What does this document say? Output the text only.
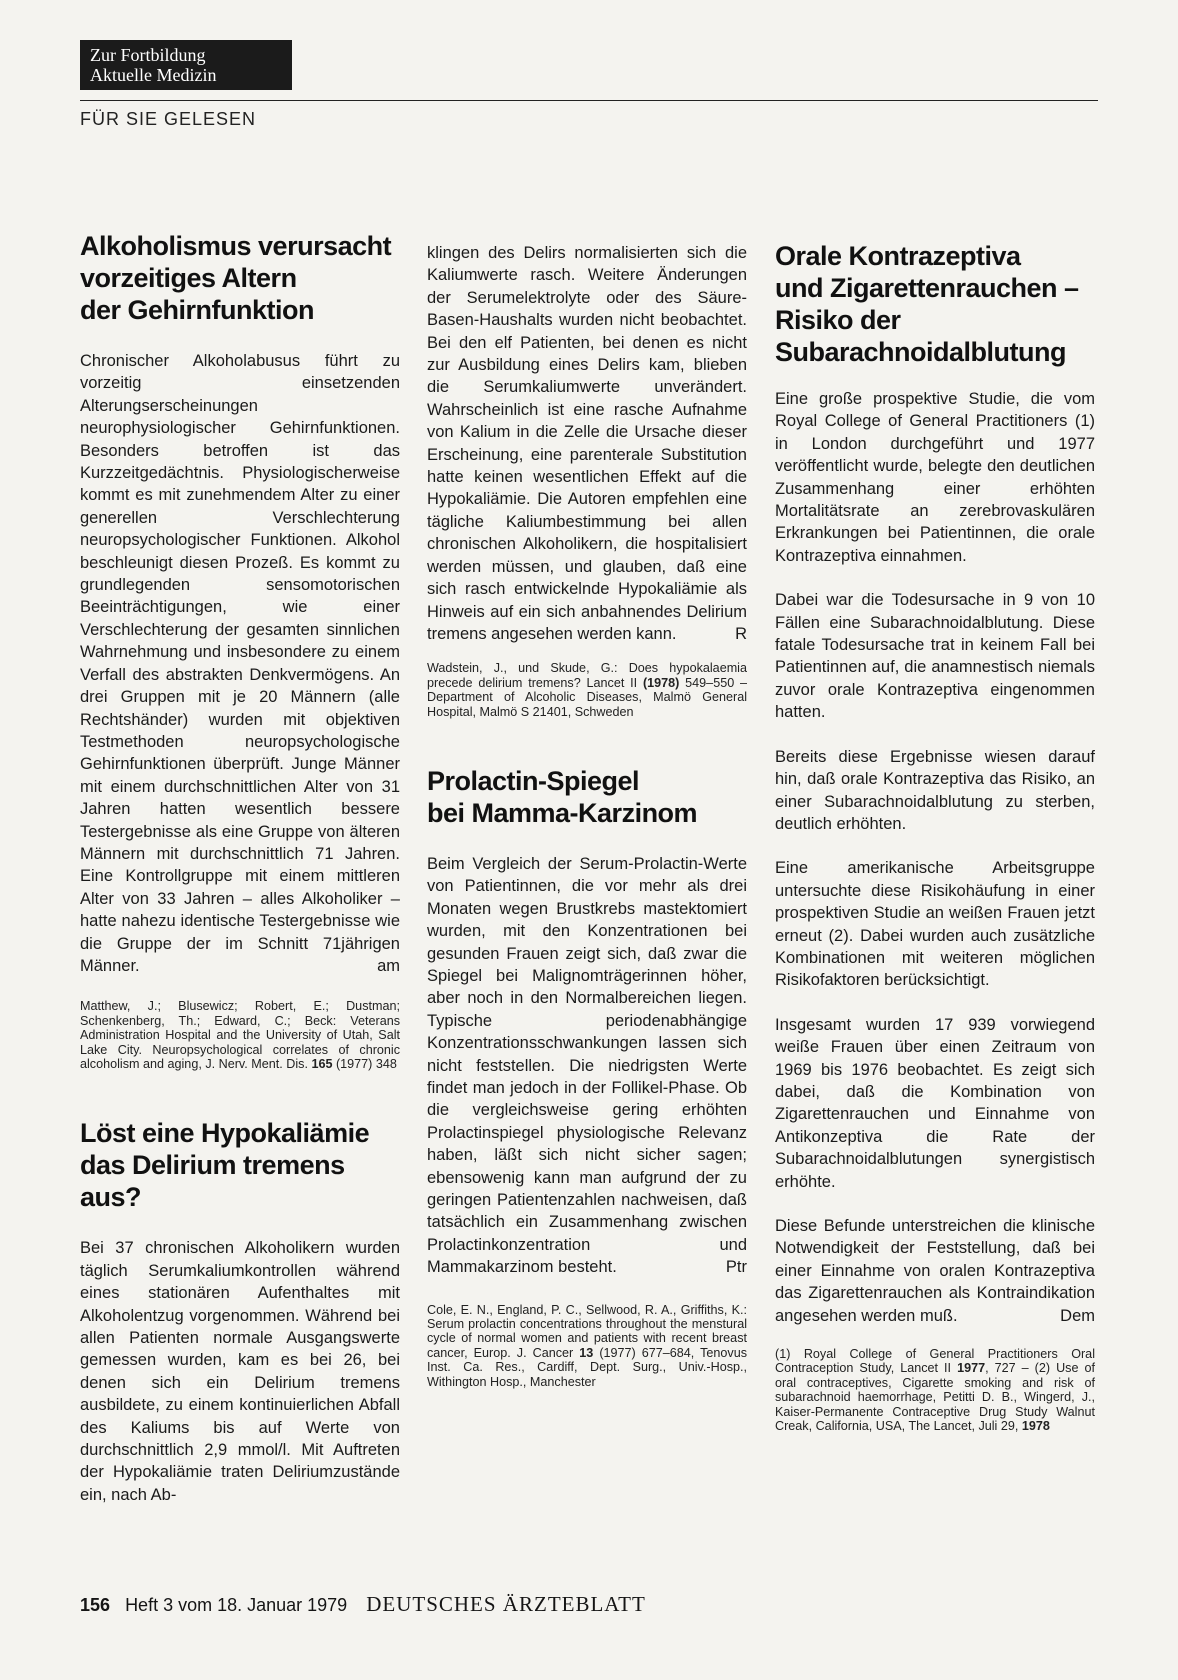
Zur Fortbildung
Aktuelle Medizin
FÜR SIE GELESEN
Alkoholismus verursacht
vorzeitiges Altern
der Gehirnfunktion

Chronischer Alkoholabusus führt zu vorzeitig einsetzenden Alterungserscheinungen neurophysiologischer Gehirnfunktionen. Besonders betroffen ist das Kurzzeitgedächtnis. Physiologischerweise kommt es mit zunehmendem Alter zu einer generellen Verschlechterung neuropsychologischer Funktionen. Alkohol beschleunigt diesen Prozeß. Es kommt zu grundlegenden sensomotorischen Beeinträchtigungen, wie einer Verschlechterung der gesamten sinnlichen Wahrnehmung und insbesondere zu einem Verfall des abstrakten Denkvermögens. An drei Gruppen mit je 20 Männern (alle Rechtshänder) wurden mit objektiven Testmethoden neuropsychologische Gehirnfunktionen überprüft. Junge Männer mit einem durchschnittlichen Alter von 31 Jahren hatten wesentlich bessere Testergebnisse als eine Gruppe von älteren Männern mit durchschnittlich 71 Jahren. Eine Kontrollgruppe mit einem mittleren Alter von 33 Jahren – alles Alkoholiker – hatte nahezu identische Testergebnisse wie die Gruppe der im Schnitt 71jährigen Männer.	am

Matthew, J.; Blusewicz; Robert, E.; Dustman; Schenkenberg, Th.; Edward, C.; Beck: Veterans Administration Hospital and the University of Utah, Salt Lake City. Neuropsychological correlates of chronic alcoholism and aging, J. Nerv. Ment. Dis. 165 (1977) 348

Löst eine Hypokaliämie
das Delirium tremens aus?

Bei 37 chronischen Alkoholikern wurden täglich Serumkaliumkontrollen während eines stationären Aufenthaltes mit Alkoholentzug vorgenommen. Während bei allen Patienten normale Ausgangswerte gemessen wurden, kam es bei 26, bei denen sich ein Delirium tremens ausbildete, zu einem kontinuierlichen Abfall des Kaliums bis auf Werte von durchschnittlich 2,9 mmol/l. Mit Auftreten der Hypokaliämie traten Deliriumzustände ein, nach Ab-

klingen des Delirs normalisierten sich die Kaliumwerte rasch. Weitere Änderungen der Serumelektrolyte oder des Säure-Basen-Haushalts wurden nicht beobachtet. Bei den elf Patienten, bei denen es nicht zur Ausbildung eines Delirs kam, blieben die Serumkaliumwerte unverändert. Wahrscheinlich ist eine rasche Aufnahme von Kalium in die Zelle die Ursache dieser Erscheinung, eine parenterale Substitution hatte keinen wesentlichen Effekt auf die Hypokaliämie. Die Autoren empfehlen eine tägliche Kaliumbestimmung bei allen chronischen Alkoholikern, die hospitalisiert werden müssen, und glauben, daß eine sich rasch entwickelnde Hypokaliämie als Hinweis auf ein sich anbahnendes Delirium tremens angesehen werden kann.	R

Wadstein, J., und Skude, G.: Does hypokalaemia precede delirium tremens? Lancet II (1978) 549–550 – Department of Alcoholic Diseases, Malmö General Hospital, Malmö S 21401, Schweden

Prolactin-Spiegel
bei Mamma-Karzinom

Beim Vergleich der Serum-Prolactin-Werte von Patientinnen, die vor mehr als drei Monaten wegen Brustkrebs mastektomiert wurden, mit den Konzentrationen bei gesunden Frauen zeigt sich, daß zwar die Spiegel bei Malignomträgerinnen höher, aber noch in den Normalbereichen liegen. Typische periodenabhängige Konzentrationsschwankungen lassen sich nicht feststellen. Die niedrigsten Werte findet man jedoch in der Follikel-Phase. Ob die vergleichsweise gering erhöhten Prolactinspiegel physiologische Relevanz haben, läßt sich nicht sicher sagen; ebensowenig kann man aufgrund der zu geringen Patientenzahlen nachweisen, daß tatsächlich ein Zusammenhang zwischen Prolactinkonzentration und Mammakarzinom besteht.	Ptr

Cole, E. N., England, P. C., Sellwood, R. A., Griffiths, K.: Serum prolactin concentrations throughout the menstural cycle of normal women and patients with recent breast cancer, Europ. J. Cancer 13 (1977) 677–684, Tenovus Inst. Ca. Res., Cardiff, Dept. Surg., Univ.-Hosp., Withington Hosp., Manchester

Orale Kontrazeptiva
und Zigarettenrauchen –
Risiko der
Subarachnoidalblutung

Eine große prospektive Studie, die vom Royal College of General Practitioners (1) in London durchgeführt und 1977 veröffentlicht wurde, belegte den deutlichen Zusammenhang einer erhöhten Mortalitätsrate an zerebrovaskulären Erkrankungen bei Patientinnen, die orale Kontrazeptiva einnahmen.

Dabei war die Todesursache in 9 von 10 Fällen eine Subarachnoidalblutung. Diese fatale Todesursache trat in keinem Fall bei Patientinnen auf, die anamnestisch niemals zuvor orale Kontrazeptiva eingenommen hatten.

Bereits diese Ergebnisse wiesen darauf hin, daß orale Kontrazeptiva das Risiko, an einer Subarachnoidalblutung zu sterben, deutlich erhöhten.

Eine amerikanische Arbeitsgruppe untersuchte diese Risikohäufung in einer prospektiven Studie an weißen Frauen jetzt erneut (2). Dabei wurden auch zusätzliche Kombinationen mit weiteren möglichen Risikofaktoren berücksichtigt.

Insgesamt wurden 17 939 vorwiegend weiße Frauen über einen Zeitraum von 1969 bis 1976 beobachtet. Es zeigt sich dabei, daß die Kombination von Zigarettenrauchen und Einnahme von Antikonzeptiva die Rate der Subarachnoidalblutungen synergistisch erhöhte.

Diese Befunde unterstreichen die klinische Notwendigkeit der Feststellung, daß bei einer Einnahme von oralen Kontrazeptiva das Zigarettenrauchen als Kontraindikation angesehen werden muß.	Dem

(1) Royal College of General Practitioners Oral Contraception Study, Lancet II 1977, 727 – (2) Use of oral contraceptives, Cigarette smoking and risk of subarachnoid haemorrhage, Petitti D. B., Wingerd, J., Kaiser-Permanente Contraceptive Drug Study Walnut Creak, California, USA, The Lancet, Juli 29, 1978

156 Heft 3 vom 18. Januar 1979 DEUTSCHES ÄRZTEBLATT
